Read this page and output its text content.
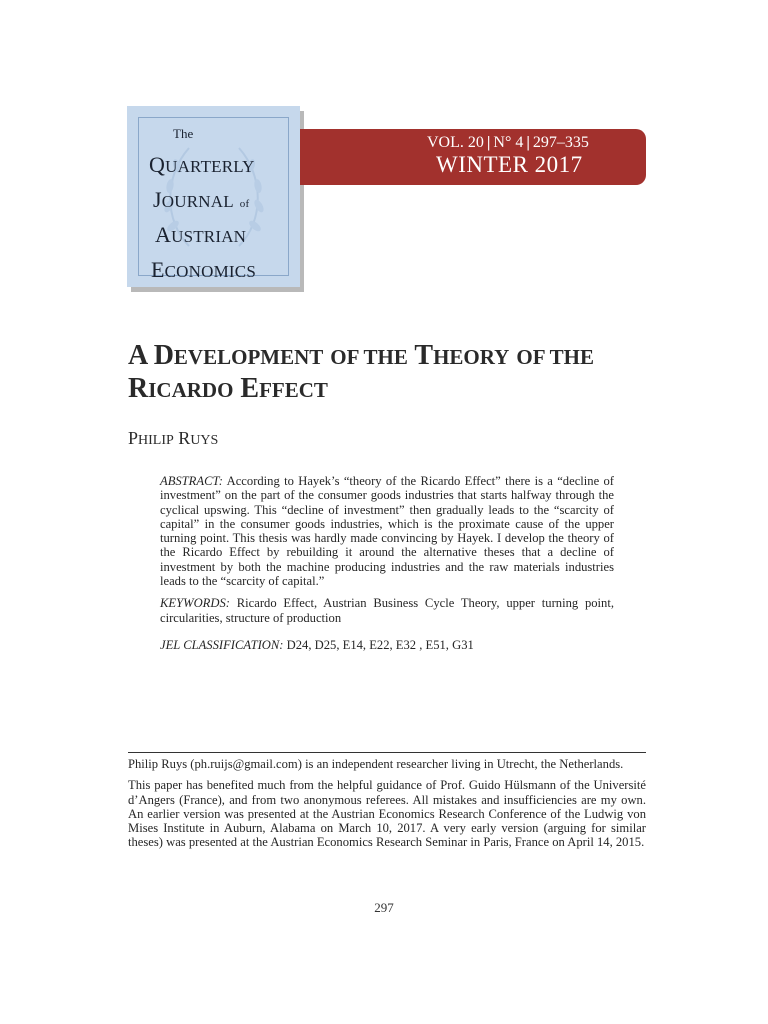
The
QUARTERLY
JOURNAL of
AUSTRIAN
ECONOMICS
VOL. 20 | N° 4 | 297–335
WINTER 2017
A DEVELOPMENT OF THE THEORY OF THE
RICARDO EFFECT
PHILIP RUYS

ABSTRACT: According to Hayek’s “theory of the Ricardo Effect” there is a “decline of investment” on the part of the consumer goods industries that starts halfway through the cyclical upswing. This “decline of investment” then gradually leads to the “scarcity of capital” in the consumer goods industries, which is the proximate cause of the upper turning point. This thesis was hardly made convincing by Hayek. I develop the theory of the Ricardo Effect by rebuilding it around the alternative theses that a decline of investment by both the machine producing industries and the raw materials industries leads to the “scarcity of capital.”

KEYWORDS: Ricardo Effect, Austrian Business Cycle Theory, upper turning point, circularities, structure of production

JEL CLASSIFICATION: D24, D25, E14, E22, E32 , E51, G31

Philip Ruys (ph.ruijs@gmail.com) is an independent researcher living in Utrecht, the Netherlands.

This paper has benefited much from the helpful guidance of Prof. Guido Hülsmann of the Université d’Angers (France), and from two anonymous referees. All mistakes and insufficiencies are my own. An earlier version was presented at the Austrian Economics Research Conference of the Ludwig von Mises Institute in Auburn, Alabama on March 10, 2017. A very early version (arguing for similar theses) was presented at the Austrian Economics Research Seminar in Paris, France on April 14, 2015.

297
